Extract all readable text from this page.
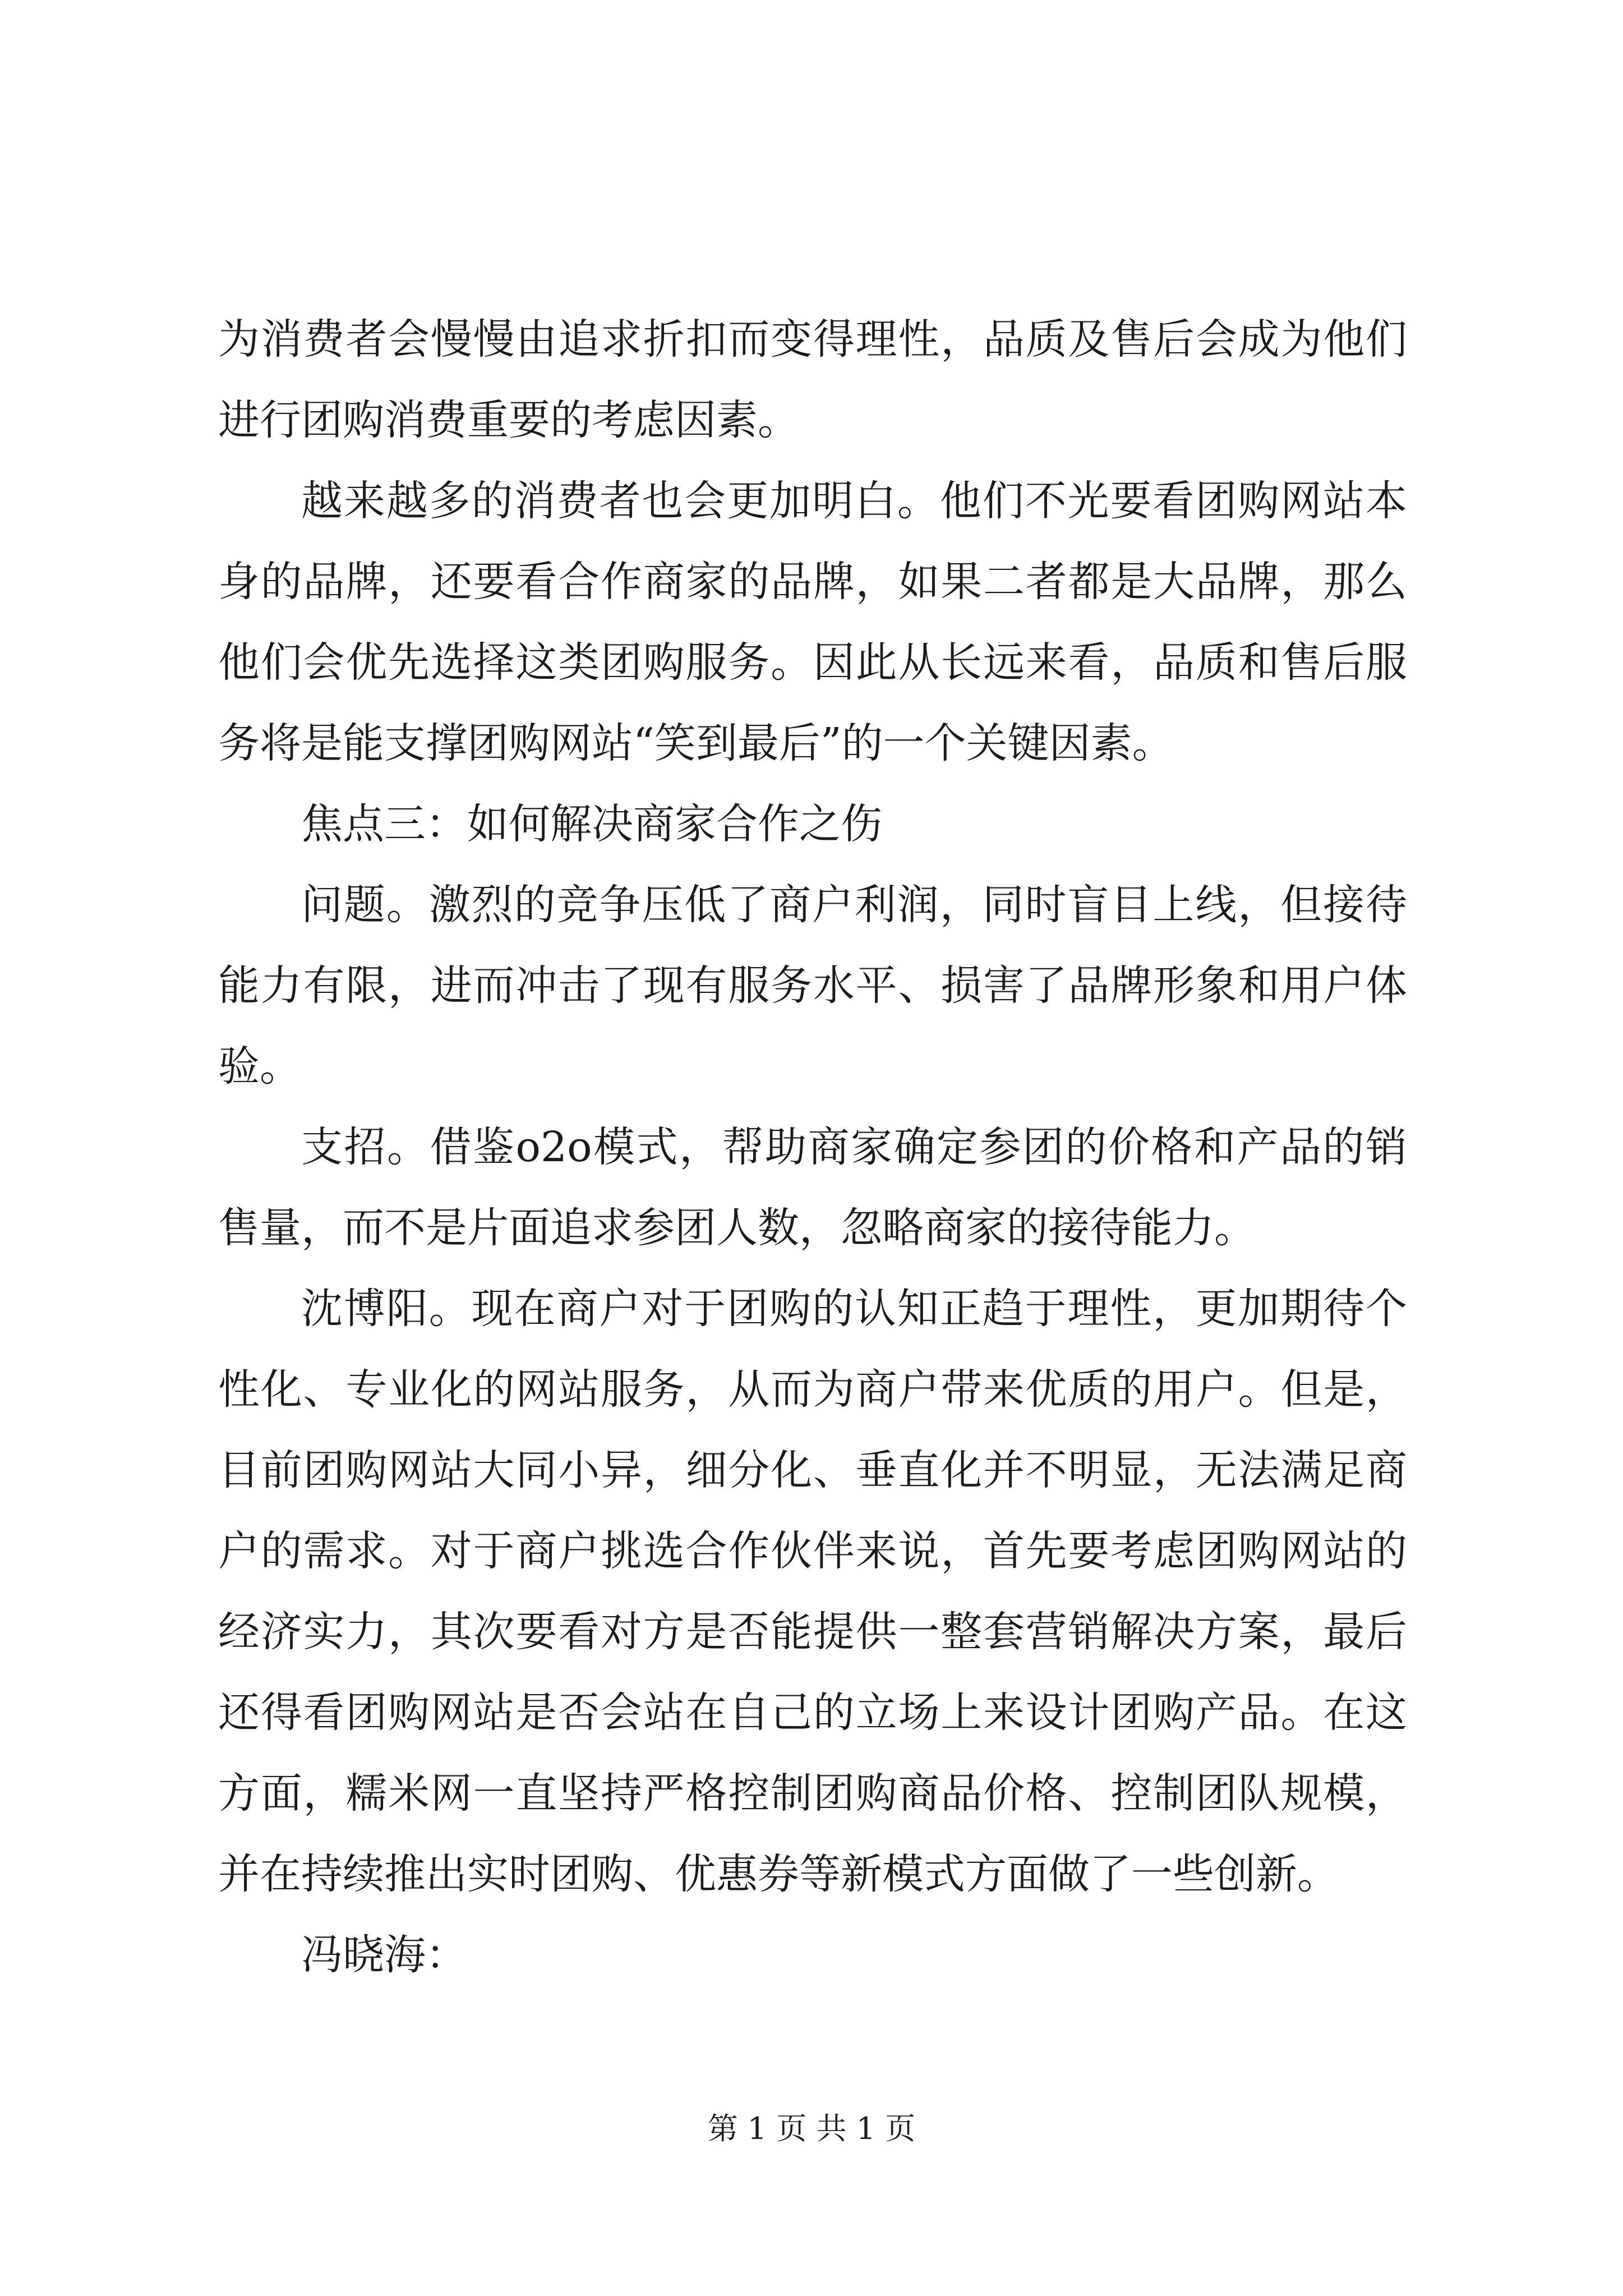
为消费者会慢慢由追求折扣而变得理性，品质及售后会成为他们进行团购消费重要的考虑因素。

越来越多的消费者也会更加明白。他们不光要看团购网站本身的品牌，还要看合作商家的品牌，如果二者都是大品牌，那么他们会优先选择这类团购服务。因此从长远来看，品质和售后服务将是能支撑团购网站“笑到最后”的一个关键因素。

焦点三：如何解决商家合作之伤

问题。激烈的竞争压低了商户利润，同时盲目上线，但接待能力有限，进而冲击了现有服务水平、损害了品牌形象和用户体验。

支招。借鉴o2o模式，帮助商家确定参团的价格和产品的销售量，而不是片面追求参团人数，忽略商家的接待能力。

沈博阳。现在商户对于团购的认知正趋于理性，更加期待个性化、专业化的网站服务，从而为商户带来优质的用户。但是，目前团购网站大同小异，细分化、垂直化并不明显，无法满足商户的需求。对于商户挑选合作伙伴来说，首先要考虑团购网站的经济实力，其次要看对方是否能提供一整套营销解决方案，最后还得看团购网站是否会站在自己的立场上来设计团购产品。在这方面，糯米网一直坚持严格控制团购商品价格、控制团队规模，并在持续推出实时团购、优惠券等新模式方面做了一些创新。

冯晓海：

第 1 页 共 1 页
